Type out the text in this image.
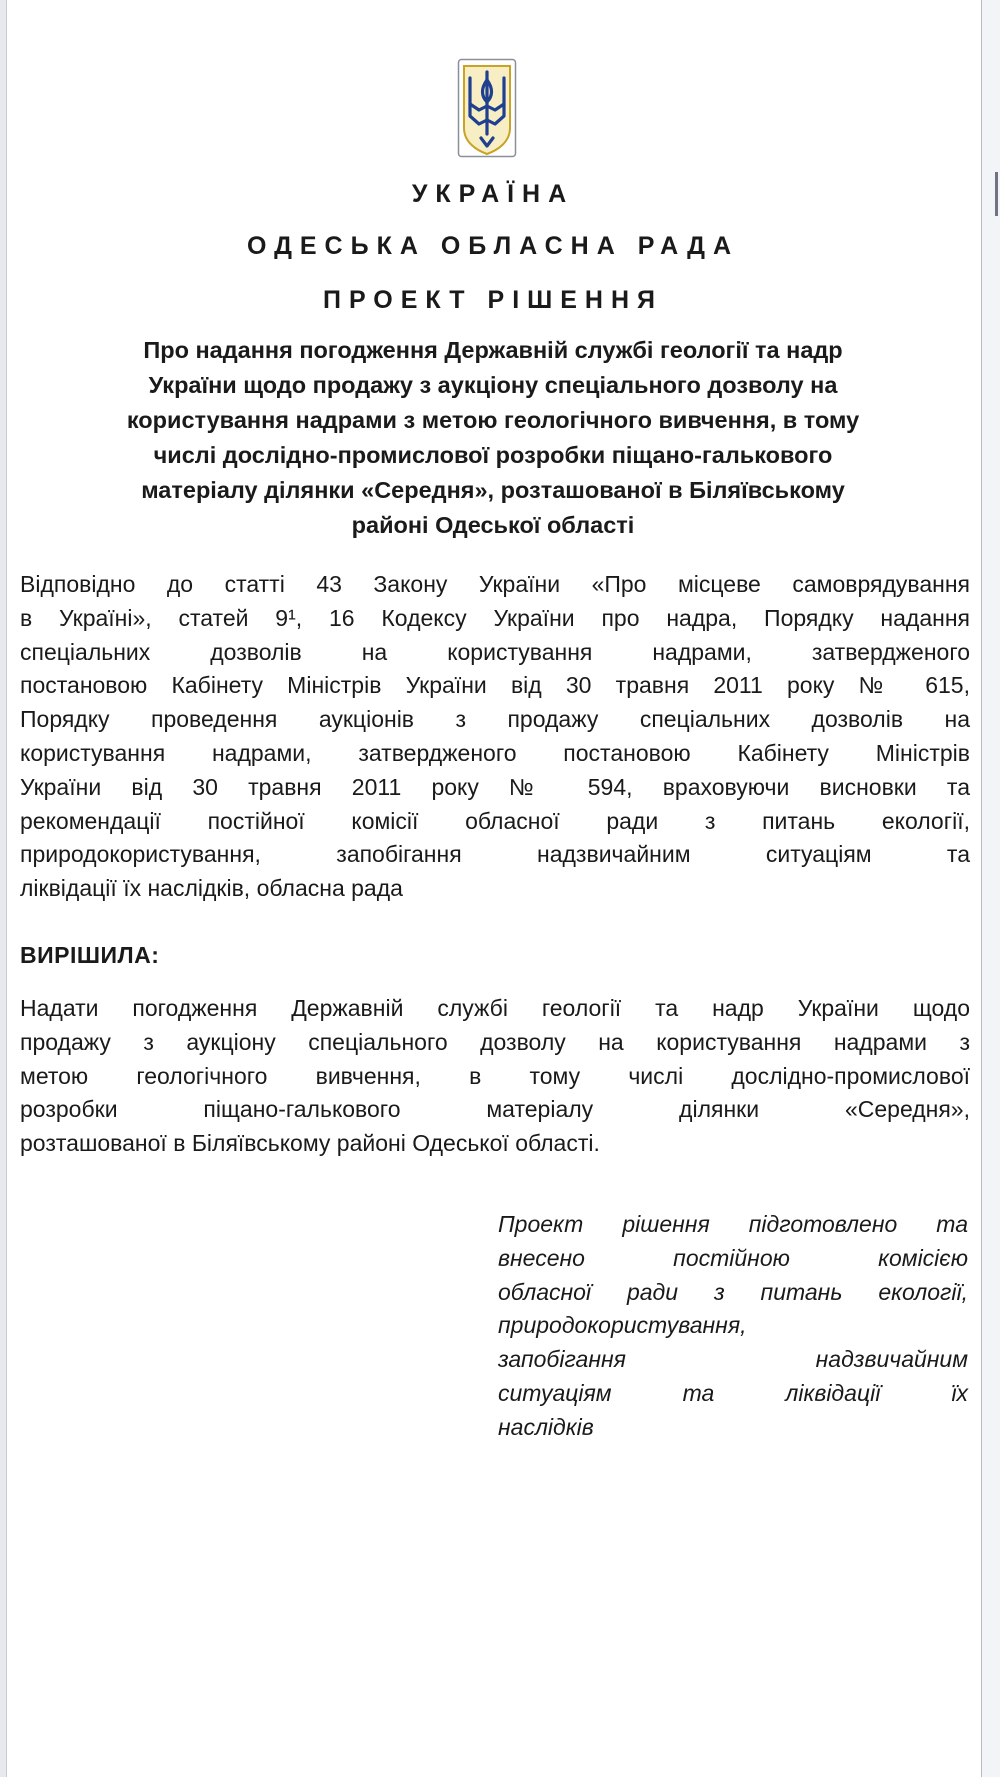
УКРАЇНА
ОДЕСЬКА ОБЛАСНА РАДА
ПРОЕКТ РІШЕННЯ
Про надання погодження Державній службі геології та надр
України щодо продажу з аукціону спеціального дозволу на
користування надрами з метою геологічного вивчення, в тому
числі дослідно-промислової розробки піщано-галькового
матеріалу ділянки «Середня», розташованої в Біляївському
районі Одеської області
Відповідно до статті 43 Закону України «Про місцеве самоврядування
в Україні», статей 9¹, 16 Кодексу України про надра, Порядку надання
спеціальних дозволів на користування надрами, затвердженого
постановою Кабінету Міністрів України від 30 травня 2011 року № 615,
Порядку проведення аукціонів з продажу спеціальних дозволів на
користування надрами, затвердженого постановою Кабінету Міністрів
України від 30 травня 2011 року № 594, враховуючи висновки та
рекомендації постійної комісії обласної ради з питань екології,
природокористування, запобігання надзвичайним ситуаціям та
ліквідації їх наслідків, обласна рада
ВИРІШИЛА:
Надати погодження Державній службі геології та надр України щодо
продажу з аукціону спеціального дозволу на користування надрами з
метою геологічного вивчення, в тому числі дослідно-промислової
розробки піщано-галькового матеріалу ділянки «Середня»,
розташованої в Біляївському районі Одеської області.
Проект рішення підготовлено та
внесено постійною комісією
обласної ради з питань екології,
природокористування,
запобігання надзвичайним
ситуаціям та ліквідації їх
наслідків
